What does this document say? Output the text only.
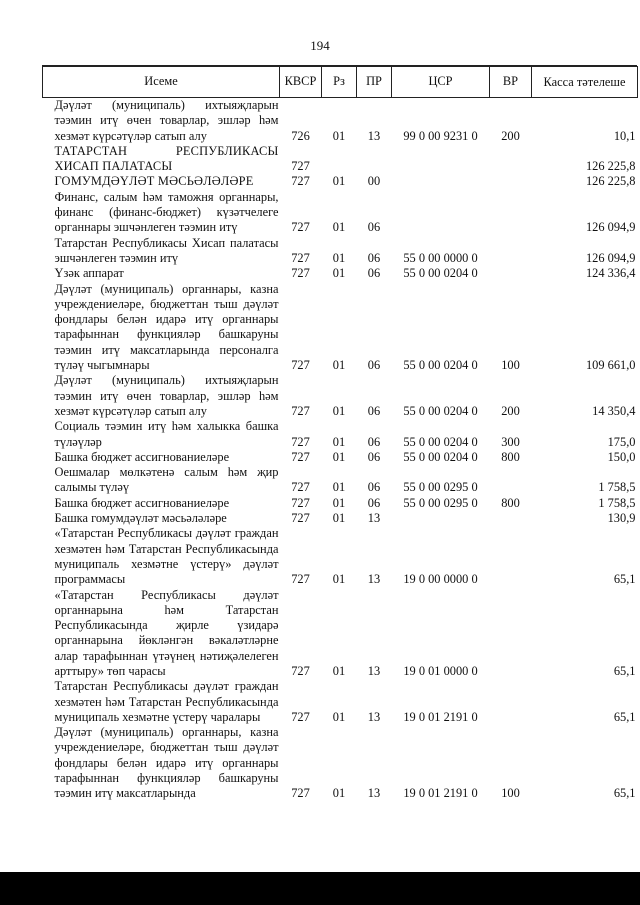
194
Исеме	КВСР	Рз	ПР	ЦСР	ВР	Касса тәтелеше
Дәүләт (муниципаль) ихтыяҗларын тәэмин итү өчен товарлар, эшләр һәм хезмәт күрсәтүләр сатып алу	726	01	13	99 0 00 9231 0	200	10,1
ТАТАРСТАН РЕСПУБЛИКАСЫ ХИСАП ПАЛАТАСЫ	727					126 225,8
ГОМУМДӘҮЛӘТ МӘСЬӘЛӘЛӘРЕ	727	01	00			126 225,8
Финанс, салым һәм таможня органнары, финанс (финанс-бюджет) күзәтчелеге органнары эшчәнлеген тәэмин итү	727	01	06			126 094,9
Татарстан Республикасы Хисап палатасы эшчәнлеген тәэмин итү	727	01	06	55 0 00 0000 0		126 094,9
Үзәк аппарат	727	01	06	55 0 00 0204 0		124 336,4
Дәүләт (муниципаль) органнары, казна учреждениеләре, бюджеттан тыш дәүләт фондлары белән идарә итү органнары тарафыннан функцияләр башкаруны тәэмин итү максатларында персоналга түләү чыгымнары	727	01	06	55 0 00 0204 0	100	109 661,0
Дәүләт (муниципаль) ихтыяҗларын тәэмин итү өчен товарлар, эшләр һәм хезмәт күрсәтүләр сатып алу	727	01	06	55 0 00 0204 0	200	14 350,4
Социаль тәэмин итү һәм халыкка башка түләүләр	727	01	06	55 0 00 0204 0	300	175,0
Башка бюджет ассигнованиеләре	727	01	06	55 0 00 0204 0	800	150,0
Оешмалар мөлкәтенә салым һәм җир салымы түләү	727	01	06	55 0 00 0295 0		1 758,5
Башка бюджет ассигнованиеләре	727	01	06	55 0 00 0295 0	800	1 758,5
Башка гомумдәүләт мәсьәләләре	727	01	13			130,9
«Татарстан Республикасы дәүләт граждан хезмәтен һәм Татарстан Республикасында муниципаль хезмәтне үстерү» дәүләт программасы	727	01	13	19 0 00 0000 0		65,1
«Татарстан Республикасы дәүләт органнарына һәм Татарстан Республикасында җирле үзидарә органнарына йөкләнгән вәкаләтләрне алар тарафыннан үтәүнең нәтиҗәлелеген арттыру» төп чарасы	727	01	13	19 0 01 0000 0		65,1
Татарстан Республикасы дәүләт граждан хезмәтен һәм Татарстан Республикасында муниципаль хезмәтне үстерү чаралары	727	01	13	19 0 01 2191 0		65,1
Дәүләт (муниципаль) органнары, казна учреждениеләре, бюджеттан тыш дәүләт фондлары белән идарә итү органнары тарафыннан функцияләр башкаруны тәэмин итү максатларында	727	01	13	19 0 01 2191 0	100	65,1
